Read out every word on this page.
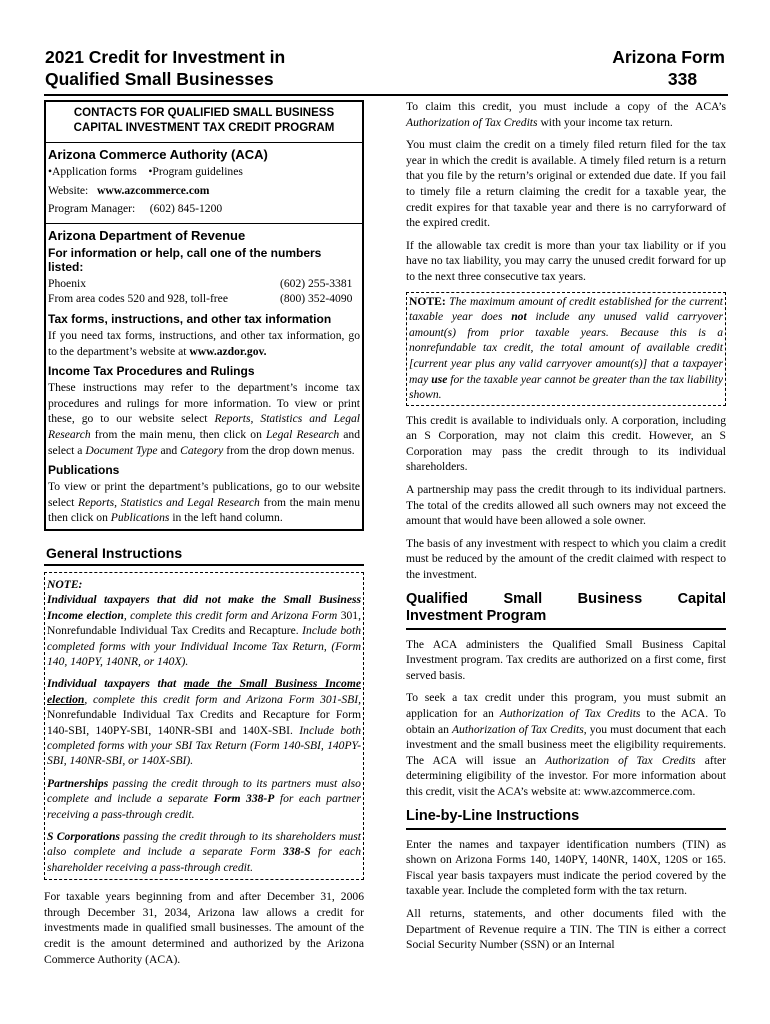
2021 Credit for Investment in
Qualified Small Businesses
Arizona Form
338
CONTACTS FOR QUALIFIED SMALL BUSINESS
CAPITAL INVESTMENT TAX CREDIT PROGRAM
Arizona Commerce Authority (ACA)
•Application forms •Program guidelines
Website: www.azcommerce.com
Program Manager: (602) 845-1200
Arizona Department of Revenue
For information or help, call one of the numbers listed:
Phoenix	(602) 255-3381
From area codes 520 and 928, toll-free	(800) 352-4090
Tax forms, instructions, and other tax information
If you need tax forms, instructions, and other tax information, go to the department’s website at www.azdor.gov.
Income Tax Procedures and Rulings
These instructions may refer to the department’s income tax procedures and rulings for more information. To view or print these, go to our website select Reports, Statistics and Legal Research from the main menu, then click on Legal Research and select a Document Type and Category from the drop down menus.
Publications
To view or print the department’s publications, go to our website select Reports, Statistics and Legal Research from the main menu then click on Publications in the left hand column.
General Instructions

NOTE:

Individual taxpayers that did not make the Small Business Income election, complete this credit form and Arizona Form 301, Nonrefundable Individual Tax Credits and Recapture. Include both completed forms with your Individual Income Tax Return, (Form 140, 140PY, 140NR, or 140X).

Individual taxpayers that made the Small Business Income election, complete this credit form and Arizona Form 301-SBI, Nonrefundable Individual Tax Credits and Recapture for Form 140-SBI, 140PY-SBI, 140NR-SBI and 140X-SBI. Include both completed forms with your SBI Tax Return (Form 140-SBI, 140PY-SBI, 140NR-SBI, or 140X-SBI).

Partnerships passing the credit through to its partners must also complete and include a separate Form 338-P for each partner receiving a pass-through credit.

S Corporations passing the credit through to its shareholders must also complete and include a separate Form 338-S for each shareholder receiving a pass-through credit.

For taxable years beginning from and after December 31, 2006 through December 31, 2034, Arizona law allows a credit for investments made in qualified small businesses. The amount of the credit is the amount determined and authorized by the Arizona Commerce Authority (ACA).

To claim this credit, you must include a copy of the ACA’s Authorization of Tax Credits with your income tax return.

You must claim the credit on a timely filed return filed for the tax year in which the credit is available. A timely filed return is a return that you file by the return’s original or extended due date. If you fail to timely file a return claiming the credit for a taxable year, the credit expires for that taxable year and there is no carryforward of the expired credit.

If the allowable tax credit is more than your tax liability or if you have no tax liability, you may carry the unused credit forward for up to the next three consecutive tax years.

NOTE: The maximum amount of credit established for the current taxable year does not include any unused valid carryover amount(s) from prior taxable years. Because this is a nonrefundable tax credit, the total amount of available credit [current year plus any valid carryover amount(s)] that a taxpayer may use for the taxable year cannot be greater than the tax liability shown.

This credit is available to individuals only. A corporation, including an S Corporation, may not claim this credit. However, an S Corporation may pass the credit through to its individual shareholders.

A partnership may pass the credit through to its individual partners. The total of the credits allowed all such owners may not exceed the amount that would have been allowed a sole owner.

The basis of any investment with respect to which you claim a credit must be reduced by the amount of the credit claimed with respect to the investment.

Qualified Small Business Capital
Investment Program

The ACA administers the Qualified Small Business Capital Investment program. Tax credits are authorized on a first come, first served basis.

To seek a tax credit under this program, you must submit an application for an Authorization of Tax Credits to the ACA. To obtain an Authorization of Tax Credits, you must document that each investment and the small business meet the eligibility requirements. The ACA will issue an Authorization of Tax Credits after determining eligibility of the investor. For more information about this credit, visit the ACA’s website at: www.azcommerce.com.

Line-by-Line Instructions

Enter the names and taxpayer identification numbers (TIN) as shown on Arizona Forms 140, 140PY, 140NR, 140X, 120S or 165. Fiscal year basis taxpayers must indicate the period covered by the taxable year. Include the completed form with the tax return.

All returns, statements, and other documents filed with the Department of Revenue require a TIN. The TIN is either a correct Social Security Number (SSN) or an Internal
